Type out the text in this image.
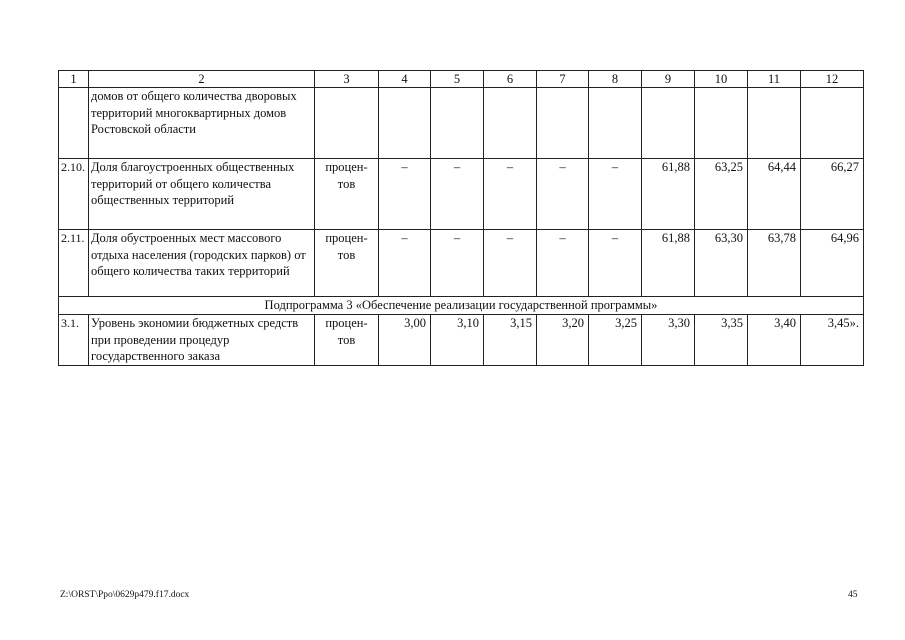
1	2	3	4	5	6	7	8	9	10	11	12
	домов от общего количества дворовых территорий многоквартирных домов Ростовской области										
2.10.	Доля благоустроенных общественных территорий от общего количества общественных территорий	процен-тов	–	–	–	–	–	61,88	63,25	64,44	66,27
2.11.	Доля обустроенных мест массового отдыха населения (городских парков) от общего количества таких территорий	процен-тов	–	–	–	–	–	61,88	63,30	63,78	64,96
Подпрограмма 3 «Обеспечение реализации государственной программы»											
3.1.	Уровень экономии бюджетных средств при проведении процедур государственного заказа	процен-тов	3,00	3,10	3,15	3,20	3,25	3,30	3,35	3,40	3,45».
Z:\ORST\Ppo\0629p479.f17.docx	45
